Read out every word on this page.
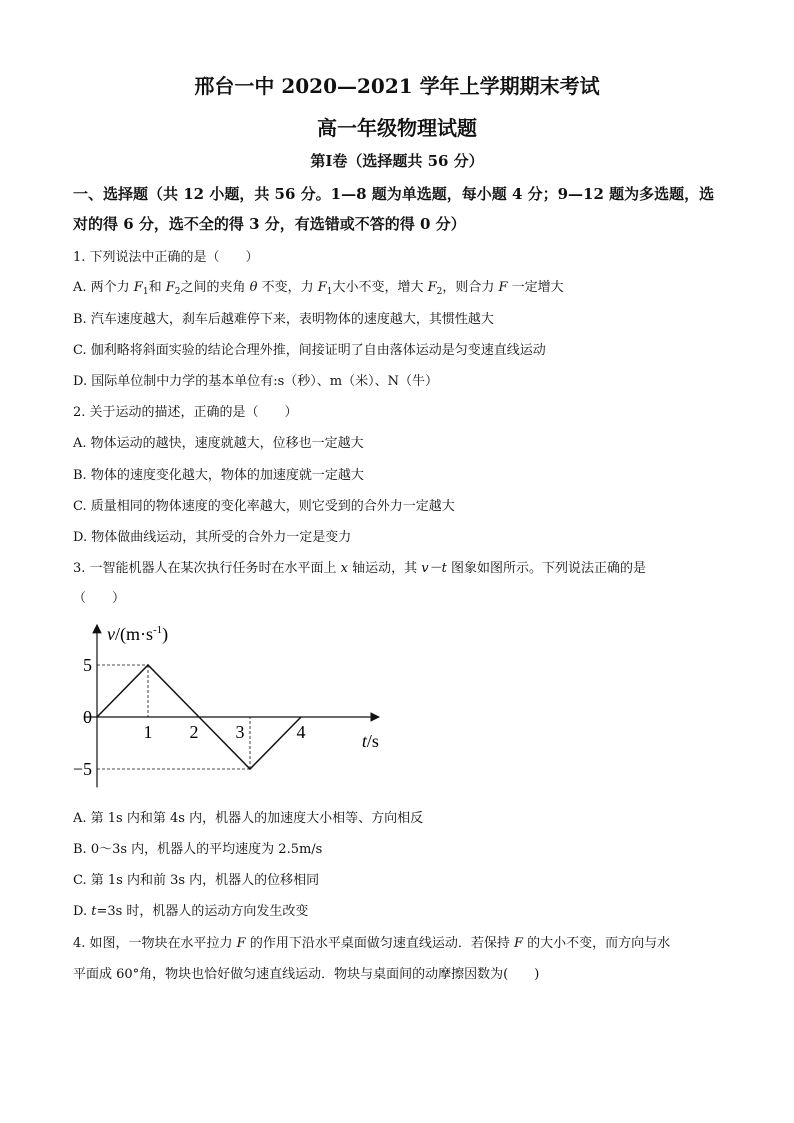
邢台一中 2020—2021 学年上学期期末考试
高一年级物理试题
第I卷（选择题共 56 分）
一、选择题（共 12 小题，共 56 分。1—8 题为单选题，每小题 4 分；9—12 题为多选题，选
对的得 6 分，选不全的得 3 分，有选错或不答的得 0 分）
1. 下列说法中正确的是（　　）
A. 两个力 $F_1$和 $F_2$之间的夹角 θ 不变，力 $F_1$大小不变，增大 $F_2$，则合力 F 一定增大
B. 汽车速度越大，刹车后越难停下来，表明物体的速度越大，其惯性越大
C. 伽利略将斜面实验的结论合理外推，间接证明了自由落体运动是匀变速直线运动
D. 国际单位制中力学的基本单位有:s（秒）、m（米）、N（牛）
2. 关于运动的描述，正确的是（　　）
A. 物体运动的越快，速度就越大，位移也一定越大
B. 物体的速度变化越大，物体的加速度就一定越大
C. 质量相同的物体速度的变化率越大，则它受到的合外力一定越大
D. 物体做曲线运动，其所受的合外力一定是变力
3. 一智能机器人在某次执行任务时在水平面上 x 轴运动，其 v－t 图象如图所示。下列说法正确的是
（　　）
1 2 3	4
5
0
−5
$v/(m\cdot s^{-1})$
t/s
A. 第 1s 内和第 4s 内，机器人的加速度大小相等、方向相反
B. 0～3s 内，机器人的平均速度为 2.5m/s
C. 第 1s 内和前 3s 内，机器人的位移相同
D. t=3s 时，机器人的运动方向发生改变
4. 如图，一物块在水平拉力 F 的作用下沿水平桌面做匀速直线运动．若保持 F 的大小不变，而方向与水
平面成 60°角，物块也恰好做匀速直线运动．物块与桌面间的动摩擦因数为(　　)
